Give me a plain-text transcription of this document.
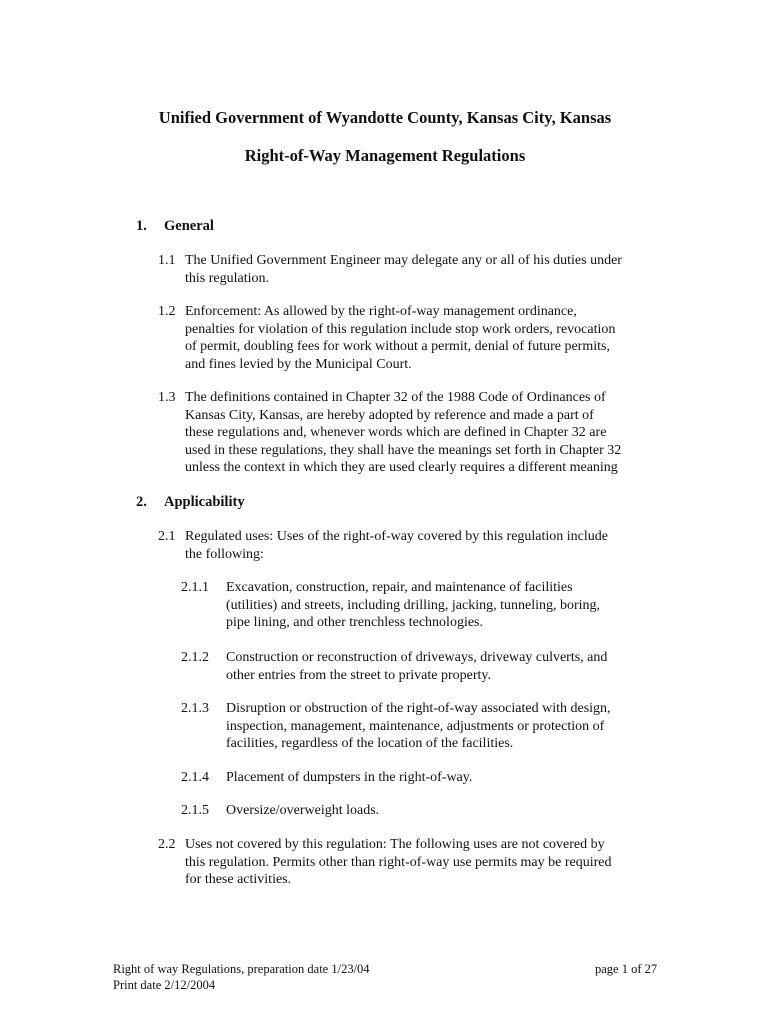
Unified Government of Wyandotte County, Kansas City, Kansas
Right-of-Way Management Regulations
1. General
1.1 The Unified Government Engineer may delegate any or all of his duties under
this regulation.
1.2 Enforcement: As allowed by the right-of-way management ordinance,
penalties for violation of this regulation include stop work orders, revocation
of permit, doubling fees for work without a permit, denial of future permits,
and fines levied by the Municipal Court.
1.3 The definitions contained in Chapter 32 of the 1988 Code of Ordinances of
Kansas City, Kansas, are hereby adopted by reference and made a part of
these regulations and, whenever words which are defined in Chapter 32 are
used in these regulations, they shall have the meanings set forth in Chapter 32
unless the context in which they are used clearly requires a different meaning
2. Applicability
2.1 Regulated uses: Uses of the right-of-way covered by this regulation include
the following:
2.1.1 Excavation, construction, repair, and maintenance of facilities
(utilities) and streets, including drilling, jacking, tunneling, boring,
pipe lining, and other trenchless technologies.
2.1.2 Construction or reconstruction of driveways, driveway culverts, and
other entries from the street to private property.
2.1.3 Disruption or obstruction of the right-of-way associated with design,
inspection, management, maintenance, adjustments or protection of
facilities, regardless of the location of the facilities.
2.1.4 Placement of dumpsters in the right-of-way.
2.1.5 Oversize/overweight loads.
2.2 Uses not covered by this regulation: The following uses are not covered by
this regulation. Permits other than right-of-way use permits may be required
for these activities.
Right of way Regulations, preparation date 1/23/04
Print date 2/12/2004
page 1 of 27
